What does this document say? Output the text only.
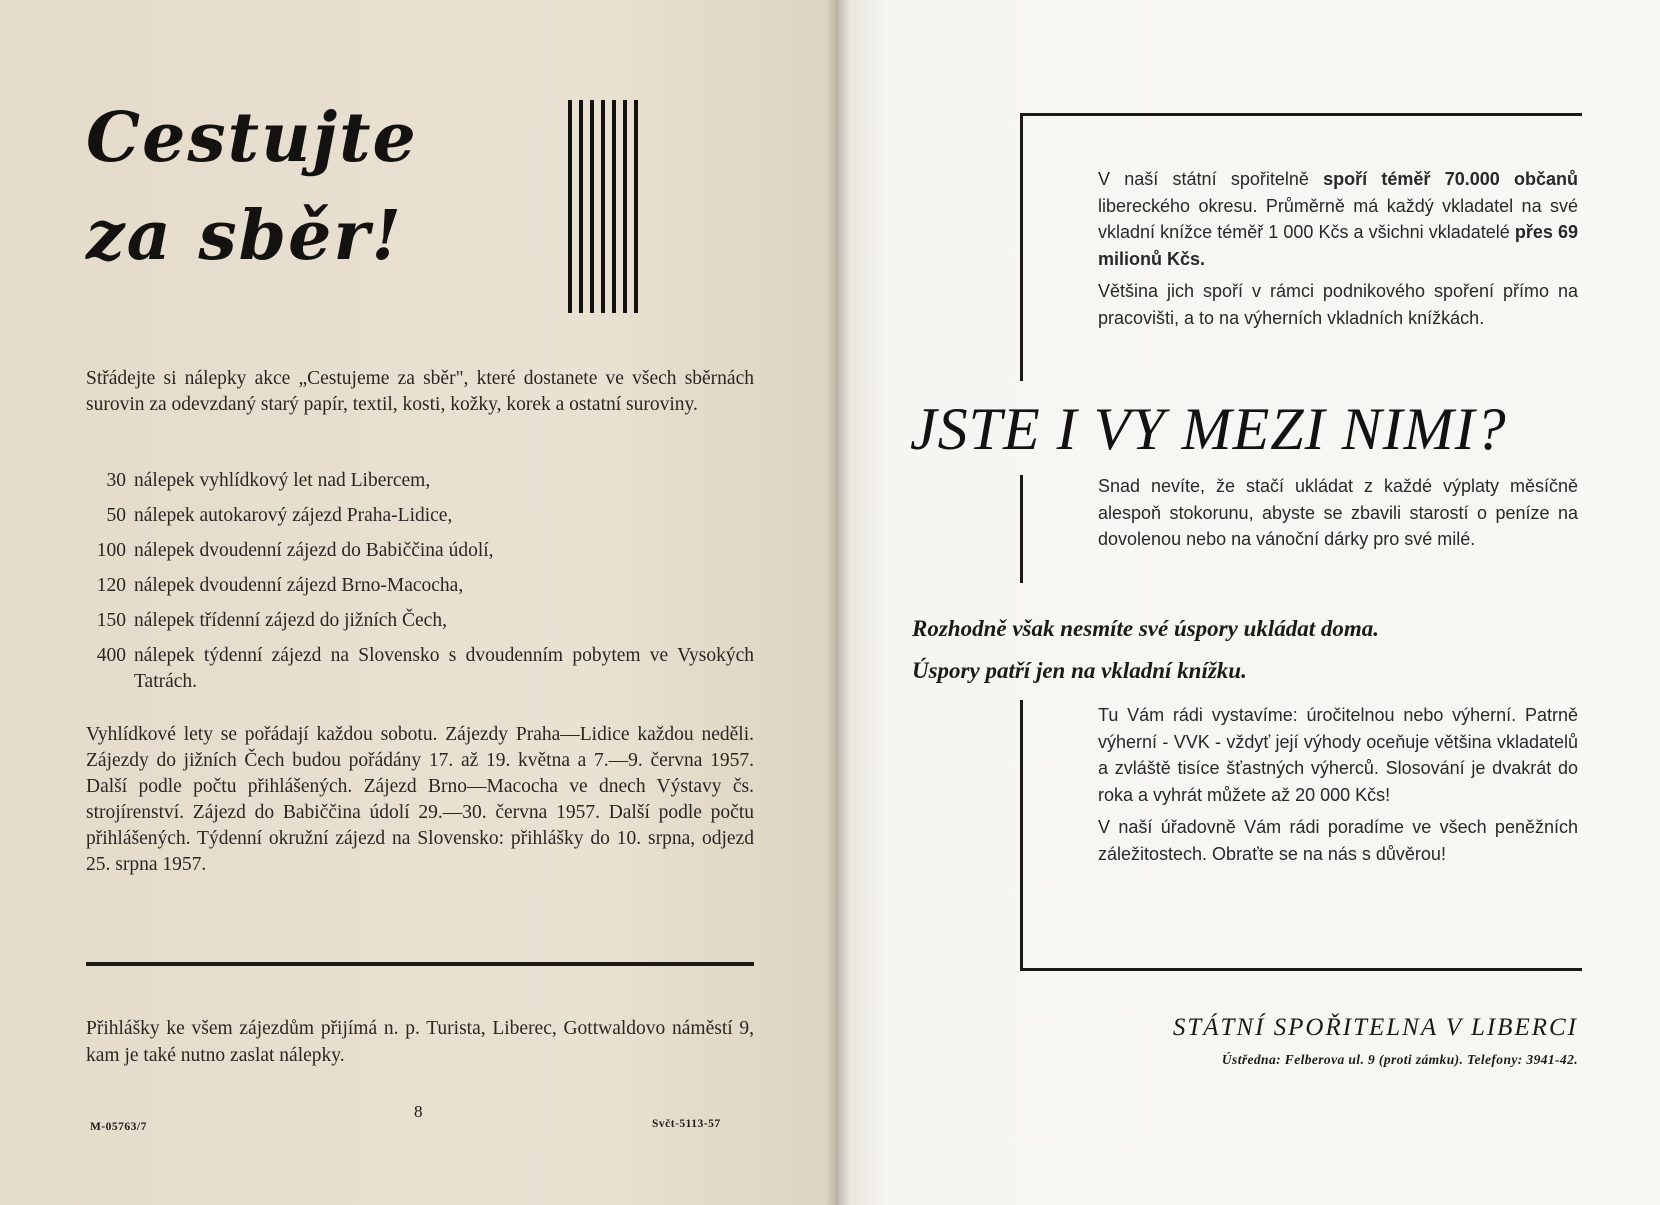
Cestujte
za sběr!
Střádejte si nálepky akce „Cestujeme za sběr", které dostanete ve všech sběrnách surovin za odevzdaný starý papír, textil, kosti, kožky, korek a ostatní suroviny.
30 nálepek vyhlídkový let nad Libercem,
50 nálepek autokarový zájezd Praha-Lidice,
100 nálepek dvoudenní zájezd do Babiččina údolí,
120 nálepek dvoudenní zájezd Brno-Macocha,
150 nálepek třídenní zájezd do jižních Čech,
400 nálepek týdenní zájezd na Slovensko s dvoudenním pobytem ve Vysokých Tatrách.
Vyhlídkové lety se pořádají každou sobotu. Zájezdy Praha—Lidice každou neděli. Zájezdy do jižních Čech budou pořádány 17. až 19. května a 7.—9. června 1957. Další podle počtu přihlášených. Zájezd Brno—Macocha ve dnech Výstavy čs. strojírenství. Zájezd do Babiččina údolí 29.—30. června 1957. Další podle počtu přihlášených. Týdenní okružní zájezd na Slovensko: přihlášky do 10. srpna, odjezd 25. srpna 1957.
Přihlášky ke všem zájezdům přijímá n. p. Turista, Liberec, Gottwaldovo náměstí 9, kam je také nutno zaslat nálepky.
8
M-05763/7	Svčt-5113-57

V naší státní spořitelně spoří téměř 70.000 občanů libereckého okresu. Průměrně má každý vkladatel na své vkladní knížce téměř 1 000 Kčs a všichni vkladatelé přes 69 milionů Kčs.

Většina jich spoří v rámci podnikového spoření přímo na pracovišti, a to na výherních vkladních knížkách.

JSTE I VY MEZI NIMI?
Snad nevíte, že stačí ukládat z každé výplaty měsíčně alespoň stokorunu, abyste se zbavili starostí o peníze na dovolenou nebo na vánoční dárky pro své milé.
Rozhodně však nesmíte své úspory ukládat doma.
Úspory patří jen na vkladní knížku.

Tu Vám rádi vystavíme: úročitelnou nebo výherní. Patrně výherní - VVK - vždyť její výhody oceňuje většina vkladatelů a zvláště tisíce šťastných výherců. Slosování je dvakrát do roka a vyhrát můžete až 20 000 Kčs!

V naší úřadovně Vám rádi poradíme ve všech peněžních záležitostech. Obraťte se na nás s důvěrou!

STÁTNÍ SPOŘITELNA V LIBERCI
Ústředna: Felberova ul. 9 (proti zámku). Telefony: 3941-42.
